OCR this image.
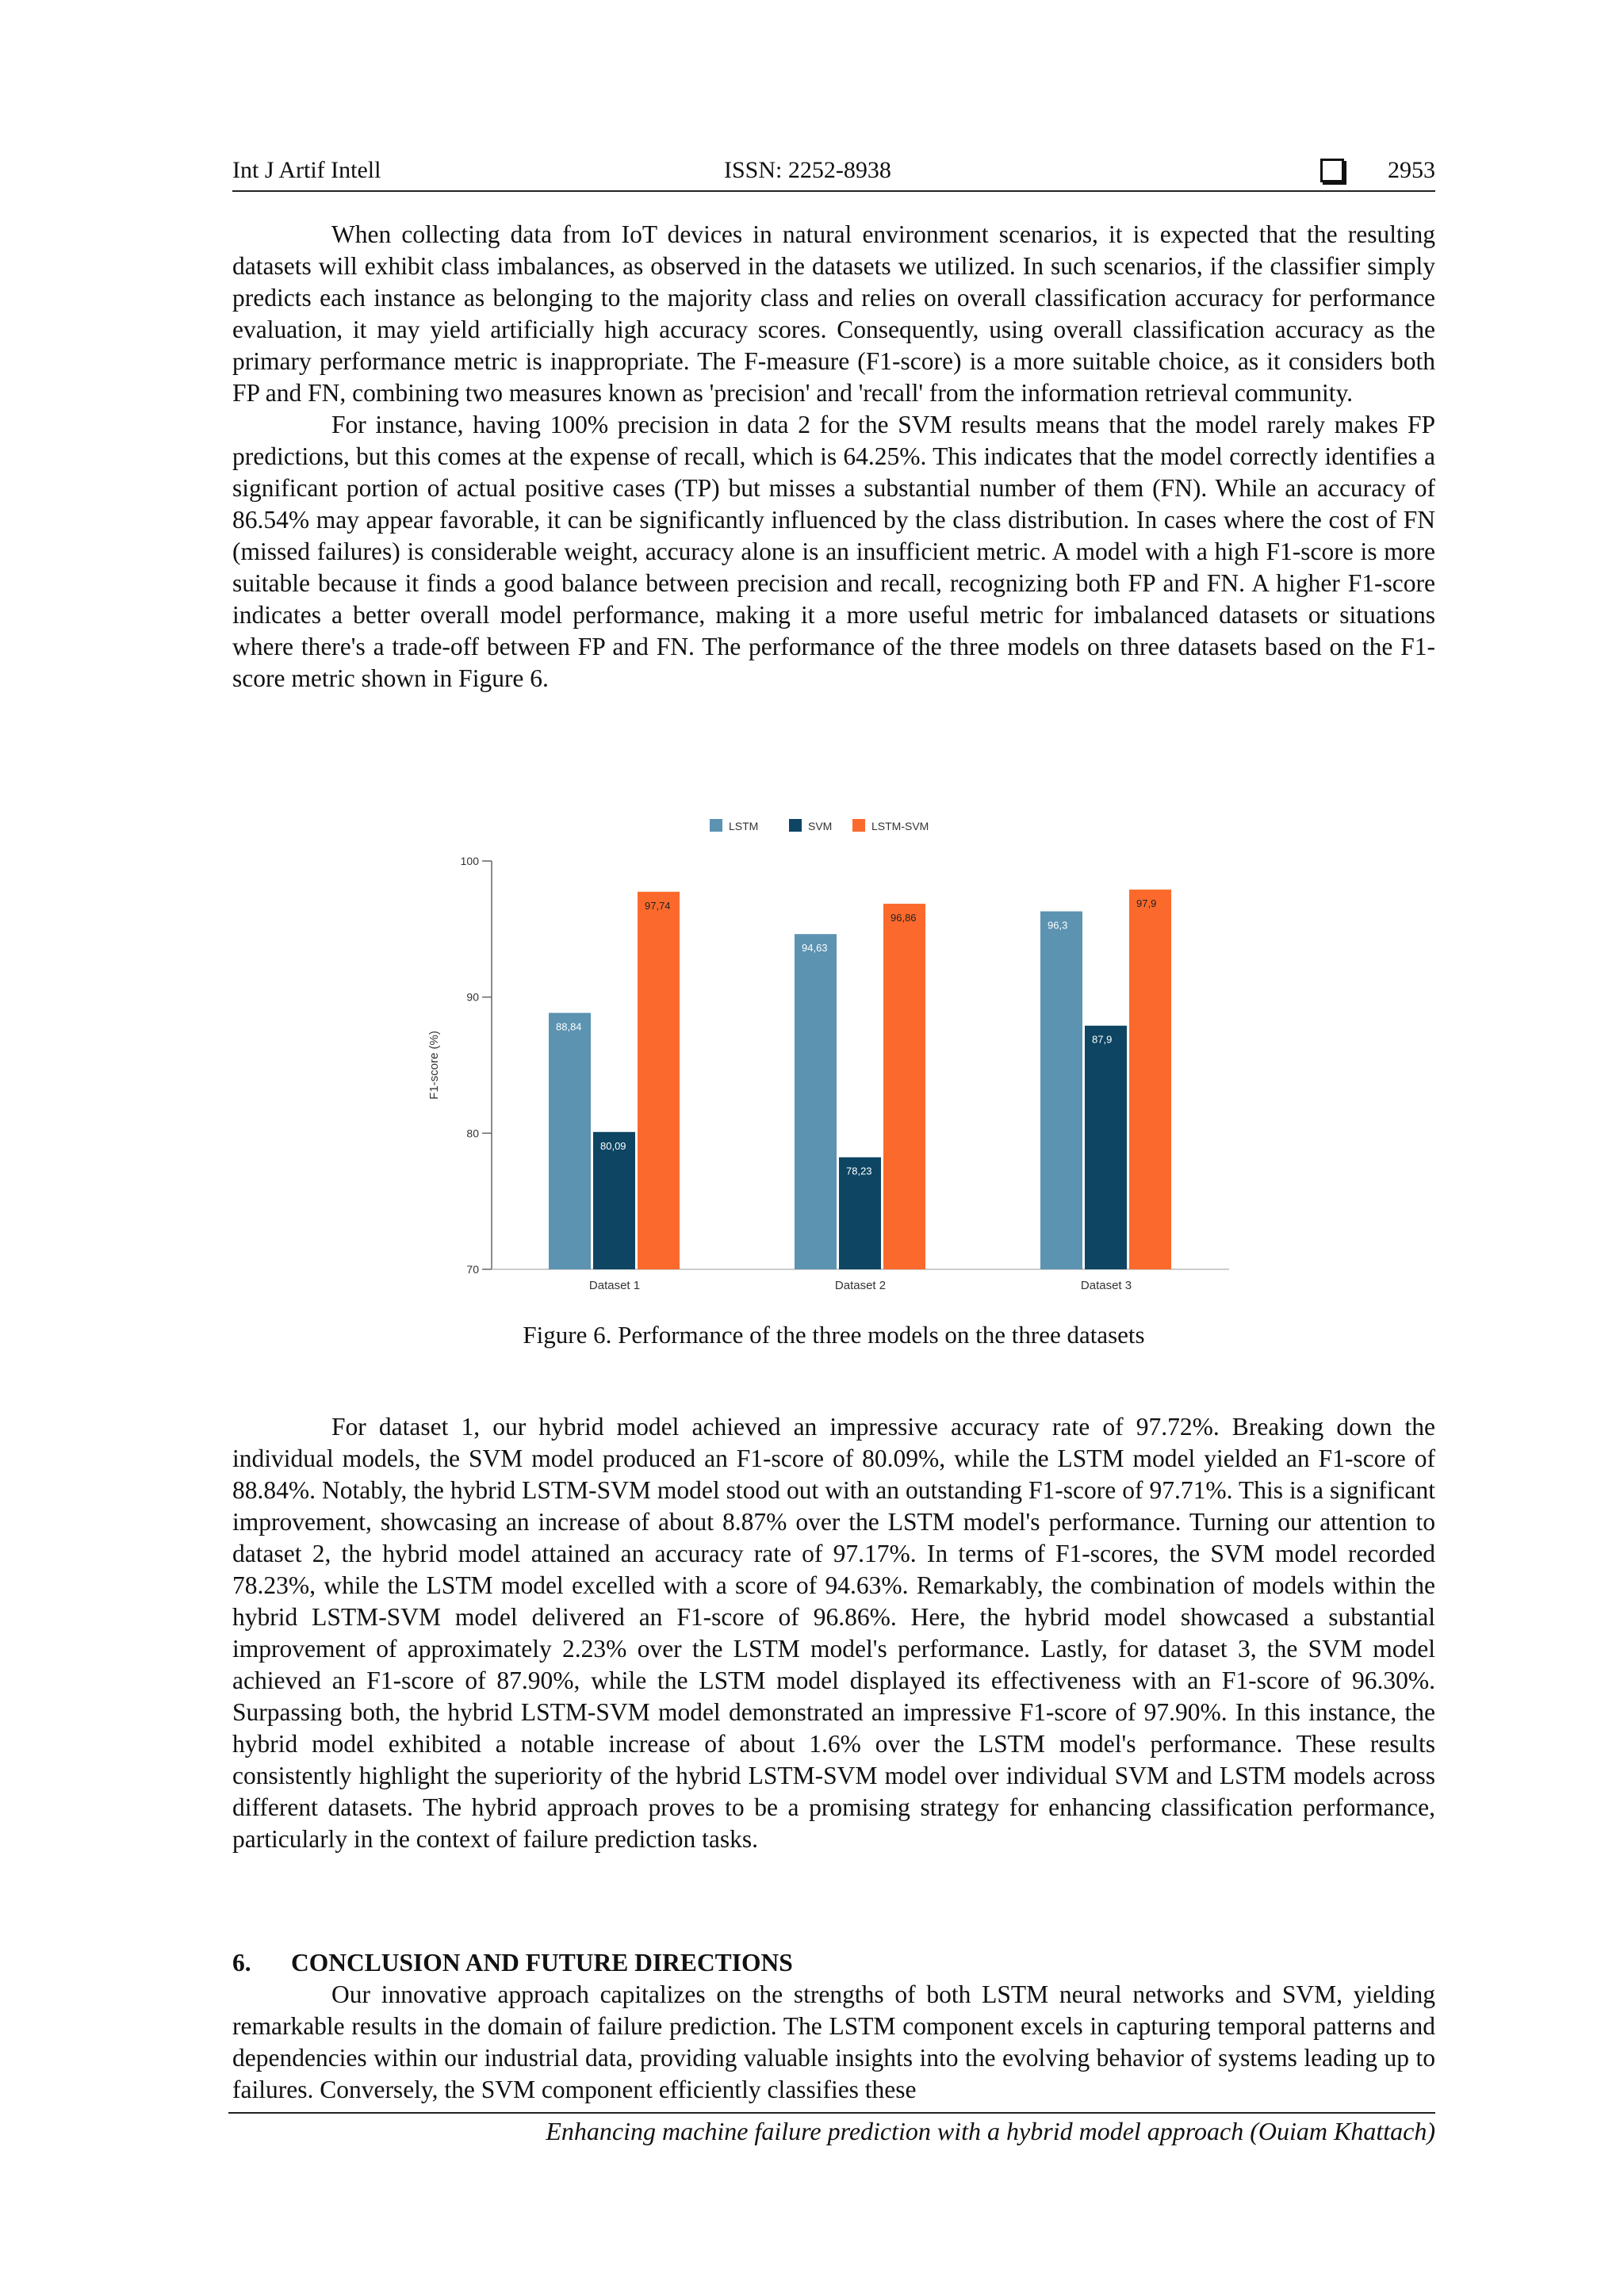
Int J Artif Intell	ISSN: 2252-8938	2953

When collecting data from IoT devices in natural environment scenarios, it is expected that the resulting datasets will exhibit class imbalances, as observed in the datasets we utilized. In such scenarios, if the classifier simply predicts each instance as belonging to the majority class and relies on overall classification accuracy for performance evaluation, it may yield artificially high accuracy scores. Consequently, using overall classification accuracy as the primary performance metric is inappropriate. The F-measure (F1-score) is a more suitable choice, as it considers both FP and FN, combining two measures known as 'precision' and 'recall' from the information retrieval community.

For instance, having 100% precision in data 2 for the SVM results means that the model rarely makes FP predictions, but this comes at the expense of recall, which is 64.25%. This indicates that the model correctly identifies a significant portion of actual positive cases (TP) but misses a substantial number of them (FN). While an accuracy of 86.54% may appear favorable, it can be significantly influenced by the class distribution. In cases where the cost of FN (missed failures) is considerable weight, accuracy alone is an insufficient metric. A model with a high F1-score is more suitable because it finds a good balance between precision and recall, recognizing both FP and FN. A higher F1-score indicates a better overall model performance, making it a more useful metric for imbalanced datasets or situations where there's a trade-off between FP and FN. The performance of the three models on three datasets based on the F1-score metric shown in Figure 6.

70
80
90
100
F1-score (%)
LSTM	SVM	LSTM-SVM
88,84
80,09
97,74
Dataset 1
94,63
78,23
96,86
Dataset 2
96,3
87,9
97,9
Dataset 3
Figure 6. Performance of the three models on the three datasets

For dataset 1, our hybrid model achieved an impressive accuracy rate of 97.72%. Breaking down the individual models, the SVM model produced an F1-score of 80.09%, while the LSTM model yielded an F1-score of 88.84%. Notably, the hybrid LSTM-SVM model stood out with an outstanding F1-score of 97.71%. This is a significant improvement, showcasing an increase of about 8.87% over the LSTM model's performance. Turning our attention to dataset 2, the hybrid model attained an accuracy rate of 97.17%. In terms of F1-scores, the SVM model recorded 78.23%, while the LSTM model excelled with a score of 94.63%. Remarkably, the combination of models within the hybrid LSTM-SVM model delivered an F1-score of 96.86%. Here, the hybrid model showcased a substantial improvement of approximately 2.23% over the LSTM model's performance. Lastly, for dataset 3, the SVM model achieved an F1-score of 87.90%, while the LSTM model displayed its effectiveness with an F1-score of 96.30%. Surpassing both, the hybrid LSTM-SVM model demonstrated an impressive F1-score of 97.90%. In this instance, the hybrid model exhibited a notable increase of about 1.6% over the LSTM model's performance. These results consistently highlight the superiority of the hybrid LSTM-SVM model over individual SVM and LSTM models across different datasets. The hybrid approach proves to be a promising strategy for enhancing classification performance, particularly in the context of failure prediction tasks.

6. CONCLUSION AND FUTURE DIRECTIONS

Our innovative approach capitalizes on the strengths of both LSTM neural networks and SVM, yielding remarkable results in the domain of failure prediction. The LSTM component excels in capturing temporal patterns and dependencies within our industrial data, providing valuable insights into the evolving behavior of systems leading up to failures. Conversely, the SVM component efficiently classifies these

Enhancing machine failure prediction with a hybrid model approach (Ouiam Khattach)
